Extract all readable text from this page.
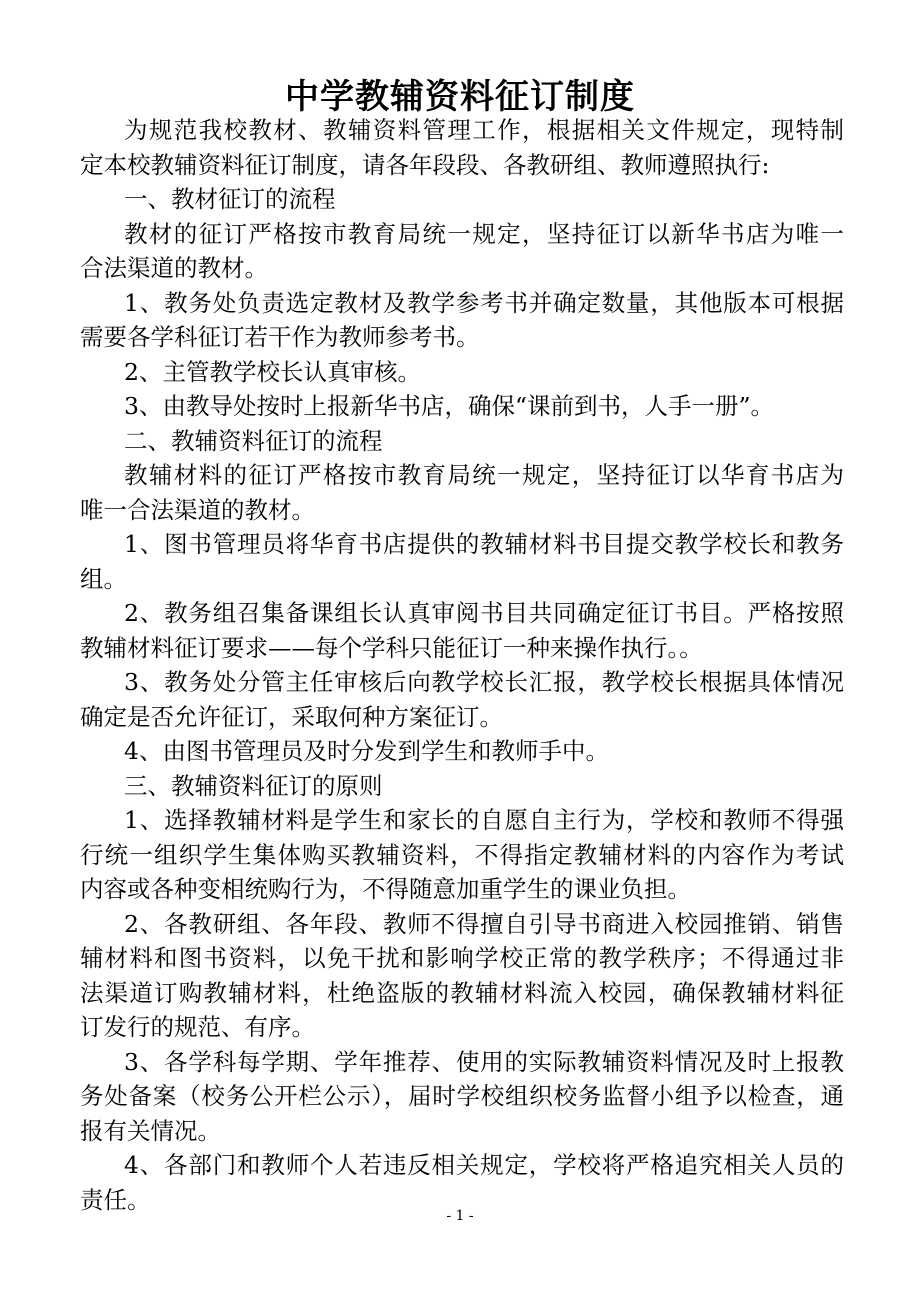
中学教辅资料征订制度
为规范我校教材、教辅资料管理工作，根据相关文件规定，现特制
定本校教辅资料征订制度，请各年段段、各教研组、教师遵照执行:
一、教材征订的流程
教材的征订严格按市教育局统一规定，坚持征订以新华书店为唯一
合法渠道的教材。
1、教务处负责选定教材及教学参考书并确定数量，其他版本可根据
需要各学科征订若干作为教师参考书。
2、主管教学校长认真审核。
3、由教导处按时上报新华书店，确保“课前到书，人手一册”。
二、教辅资料征订的流程
教辅材料的征订严格按市教育局统一规定，坚持征订以华育书店为
唯一合法渠道的教材。
1、图书管理员将华育书店提供的教辅材料书目提交教学校长和教务
组。
2、教务组召集备课组长认真审阅书目共同确定征订书目。严格按照
教辅材料征订要求——每个学科只能征订一种来操作执行。。
3、教务处分管主任审核后向教学校长汇报，教学校长根据具体情况
确定是否允许征订，采取何种方案征订。
4、由图书管理员及时分发到学生和教师手中。
三、教辅资料征订的原则
1、选择教辅材料是学生和家长的自愿自主行为，学校和教师不得强
行统一组织学生集体购买教辅资料，不得指定教辅材料的内容作为考试
内容或各种变相统购行为，不得随意加重学生的课业负担。
2、各教研组、各年段、教师不得擅自引导书商进入校园推销、销售
辅材料和图书资料，以免干扰和影响学校正常的教学秩序；不得通过非
法渠道订购教辅材料，杜绝盗版的教辅材料流入校园，确保教辅材料征
订发行的规范、有序。
3、各学科每学期、学年推荐、使用的实际教辅资料情况及时上报教
务处备案（校务公开栏公示），届时学校组织校务监督小组予以检查，通
报有关情况。
4、各部门和教师个人若违反相关规定，学校将严格追究相关人员的
责任。
- 1 -
